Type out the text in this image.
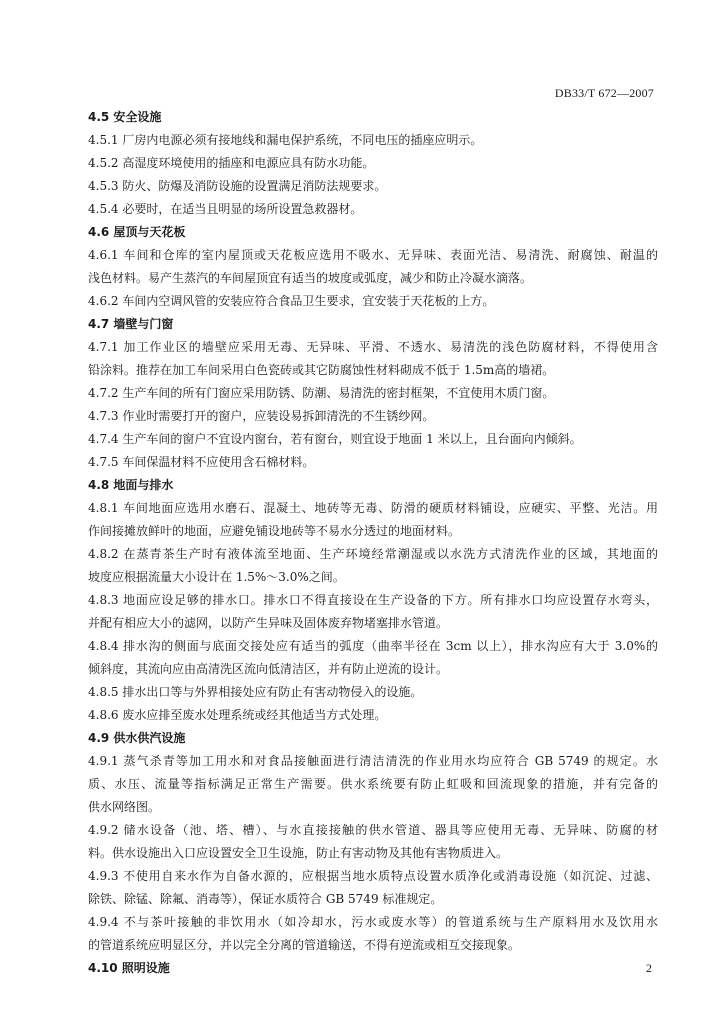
DB33/T 672—2007
4.5 安全设施
4.5.1 厂房内电源必须有接地线和漏电保护系统，不同电压的插座应明示。
4.5.2 高湿度环境使用的插座和电源应具有防水功能。
4.5.3 防火、防爆及消防设施的设置满足消防法规要求。
4.5.4 必要时，在适当且明显的场所设置急救器材。
4.6 屋顶与天花板
4.6.1 车间和仓库的室内屋顶或天花板应选用不吸水、无异味、表面光洁、易清洗、耐腐蚀、耐温的
浅色材料。易产生蒸汽的车间屋顶宜有适当的坡度或弧度，减少和防止冷凝水滴落。
4.6.2 车间内空调风管的安装应符合食品卫生要求，宜安装于天花板的上方。
4.7 墙壁与门窗
4.7.1 加工作业区的墙壁应采用无毒、无异味、平滑、不透水、易清洗的浅色防腐材料，不得使用含
铅涂料。推荐在加工车间采用白色瓷砖或其它防腐蚀性材料砌成不低于 1.5m高的墙裙。
4.7.2 生产车间的所有门窗应采用防锈、防潮、易清洗的密封框架，不宜使用木质门窗。
4.7.3 作业时需要打开的窗户，应装设易拆卸清洗的不生锈纱网。
4.7.4 生产车间的窗户不宜设内窗台，若有窗台，则宜设于地面 1 米以上，且台面向内倾斜。
4.7.5 车间保温材料不应使用含石棉材料。
4.8 地面与排水
4.8.1 车间地面应选用水磨石、混凝土、地砖等无毒、防滑的硬质材料铺设，应硬实、平整、光洁。用
作间接摊放鲜叶的地面，应避免铺设地砖等不易水分透过的地面材料。
4.8.2 在蒸青茶生产时有液体流至地面、生产环境经常潮湿或以水洗方式清洗作业的区域，其地面的
坡度应根据流量大小设计在 1.5%～3.0%之间。
4.8.3 地面应设足够的排水口。排水口不得直接设在生产设备的下方。所有排水口均应设置存水弯头，
并配有相应大小的滤网，以防产生异味及固体废弃物堵塞排水管道。
4.8.4 排水沟的侧面与底面交接处应有适当的弧度（曲率半径在 3cm 以上），排水沟应有大于 3.0%的
倾斜度，其流向应由高清洗区流向低清洁区，并有防止逆流的设计。
4.8.5 排水出口等与外界相接处应有防止有害动物侵入的设施。
4.8.6 废水应排至废水处理系统或经其他适当方式处理。
4.9 供水供汽设施
4.9.1 蒸气杀青等加工用水和对食品接触面进行清洁清洗的作业用水均应符合 GB 5749 的规定。水
质、水压、流量等指标满足正常生产需要。供水系统要有防止虹吸和回流现象的措施，并有完备的
供水网络图。
4.9.2 储水设备（池、塔、槽）、与水直接接触的供水管道、器具等应使用无毒、无异味、防腐的材
料。供水设施出入口应设置安全卫生设施，防止有害动物及其他有害物质进入。
4.9.3 不使用自来水作为自备水源的，应根据当地水质特点设置水质净化或消毒设施（如沉淀、过滤、
除铁、除锰、除氟、消毒等），保证水质符合 GB 5749 标准规定。
4.9.4 不与茶叶接触的非饮用水（如冷却水，污水或废水等）的管道系统与生产原料用水及饮用水
的管道系统应明显区分，并以完全分离的管道输送，不得有逆流或相互交接现象。
4.10 照明设施	2
